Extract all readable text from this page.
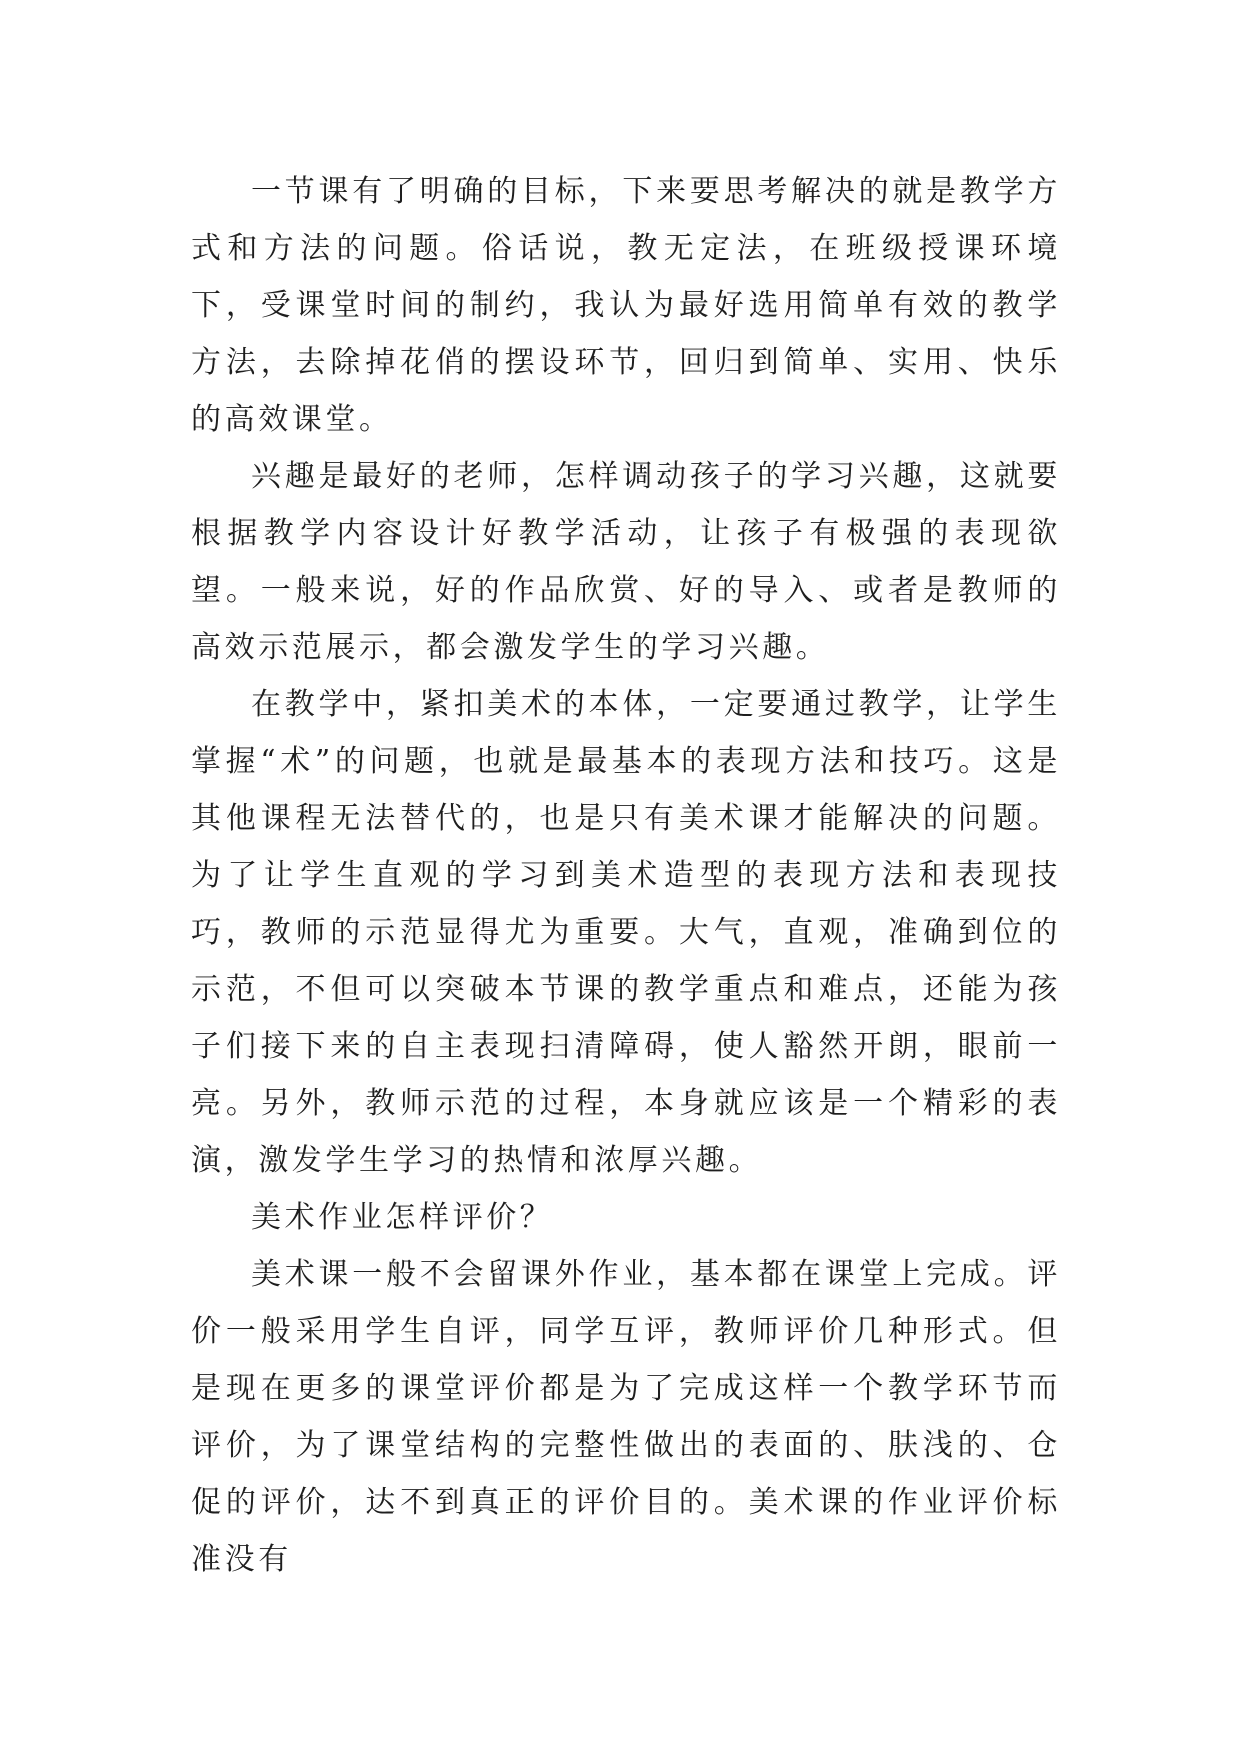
一节课有了明确的目标，下来要思考解决的就是教学方式和方法的问题。俗话说，教无定法，在班级授课环境下，受课堂时间的制约，我认为最好选用简单有效的教学方法，去除掉花俏的摆设环节，回归到简单、实用、快乐的高效课堂。

兴趣是最好的老师，怎样调动孩子的学习兴趣，这就要根据教学内容设计好教学活动，让孩子有极强的表现欲望。一般来说，好的作品欣赏、好的导入、或者是教师的高效示范展示，都会激发学生的学习兴趣。

在教学中，紧扣美术的本体，一定要通过教学，让学生掌握“术”的问题，也就是最基本的表现方法和技巧。这是其他课程无法替代的，也是只有美术课才能解决的问题。为了让学生直观的学习到美术造型的表现方法和表现技巧，教师的示范显得尤为重要。大气，直观，准确到位的示范，不但可以突破本节课的教学重点和难点，还能为孩子们接下来的自主表现扫清障碍，使人豁然开朗，眼前一亮。另外，教师示范的过程，本身就应该是一个精彩的表演，激发学生学习的热情和浓厚兴趣。

美术作业怎样评价？

美术课一般不会留课外作业，基本都在课堂上完成。评价一般采用学生自评，同学互评，教师评价几种形式。但是现在更多的课堂评价都是为了完成这样一个教学环节而评价，为了课堂结构的完整性做出的表面的、肤浅的、仓促的评价，达不到真正的评价目的。美术课的作业评价标准没有
